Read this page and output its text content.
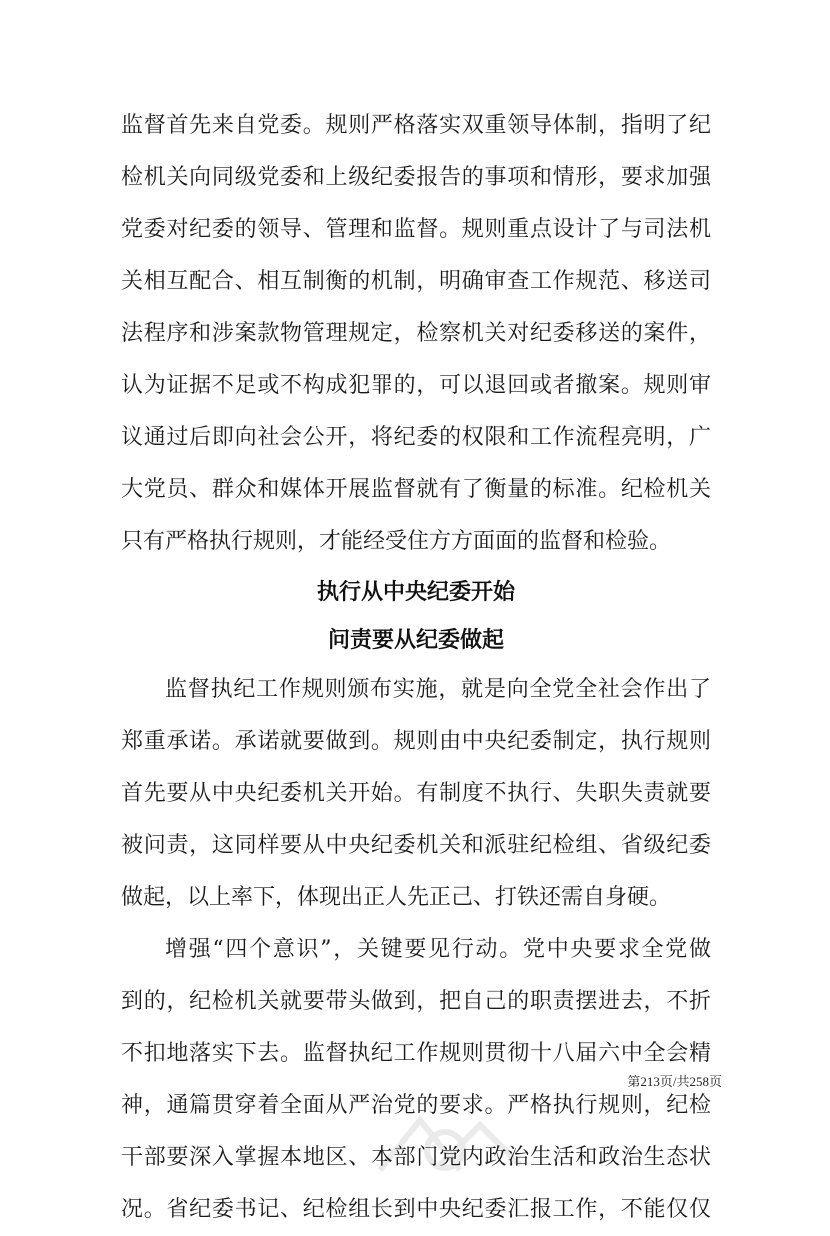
监督首先来自党委。规则严格落实双重领导体制，指明了纪
检机关向同级党委和上级纪委报告的事项和情形，要求加强
党委对纪委的领导、管理和监督。规则重点设计了与司法机
关相互配合、相互制衡的机制，明确审查工作规范、移送司
法程序和涉案款物管理规定，检察机关对纪委移送的案件，
认为证据不足或不构成犯罪的，可以退回或者撤案。规则审
议通过后即向社会公开，将纪委的权限和工作流程亮明，广
大党员、群众和媒体开展监督就有了衡量的标准。纪检机关
只有严格执行规则，才能经受住方方面面的监督和检验。
执行从中央纪委开始
问责要从纪委做起
监督执纪工作规则颁布实施，就是向全党全社会作出了
郑重承诺。承诺就要做到。规则由中央纪委制定，执行规则
首先要从中央纪委机关开始。有制度不执行、失职失责就要
被问责，这同样要从中央纪委机关和派驻纪检组、省级纪委
做起，以上率下，体现出正人先正己、打铁还需自身硬。
增强“四个意识”，关键要见行动。党中央要求全党做
到的，纪检机关就要带头做到，把自己的职责摆进去，不折
不扣地落实下去。监督执纪工作规则贯彻十八届六中全会精
神，通篇贯穿着全面从严治党的要求。严格执行规则，纪检
干部要深入掌握本地区、本部门党内政治生活和政治生态状
况。省纪委书记、纪检组长到中央纪委汇报工作，不能仅仅
第213页/共258页
